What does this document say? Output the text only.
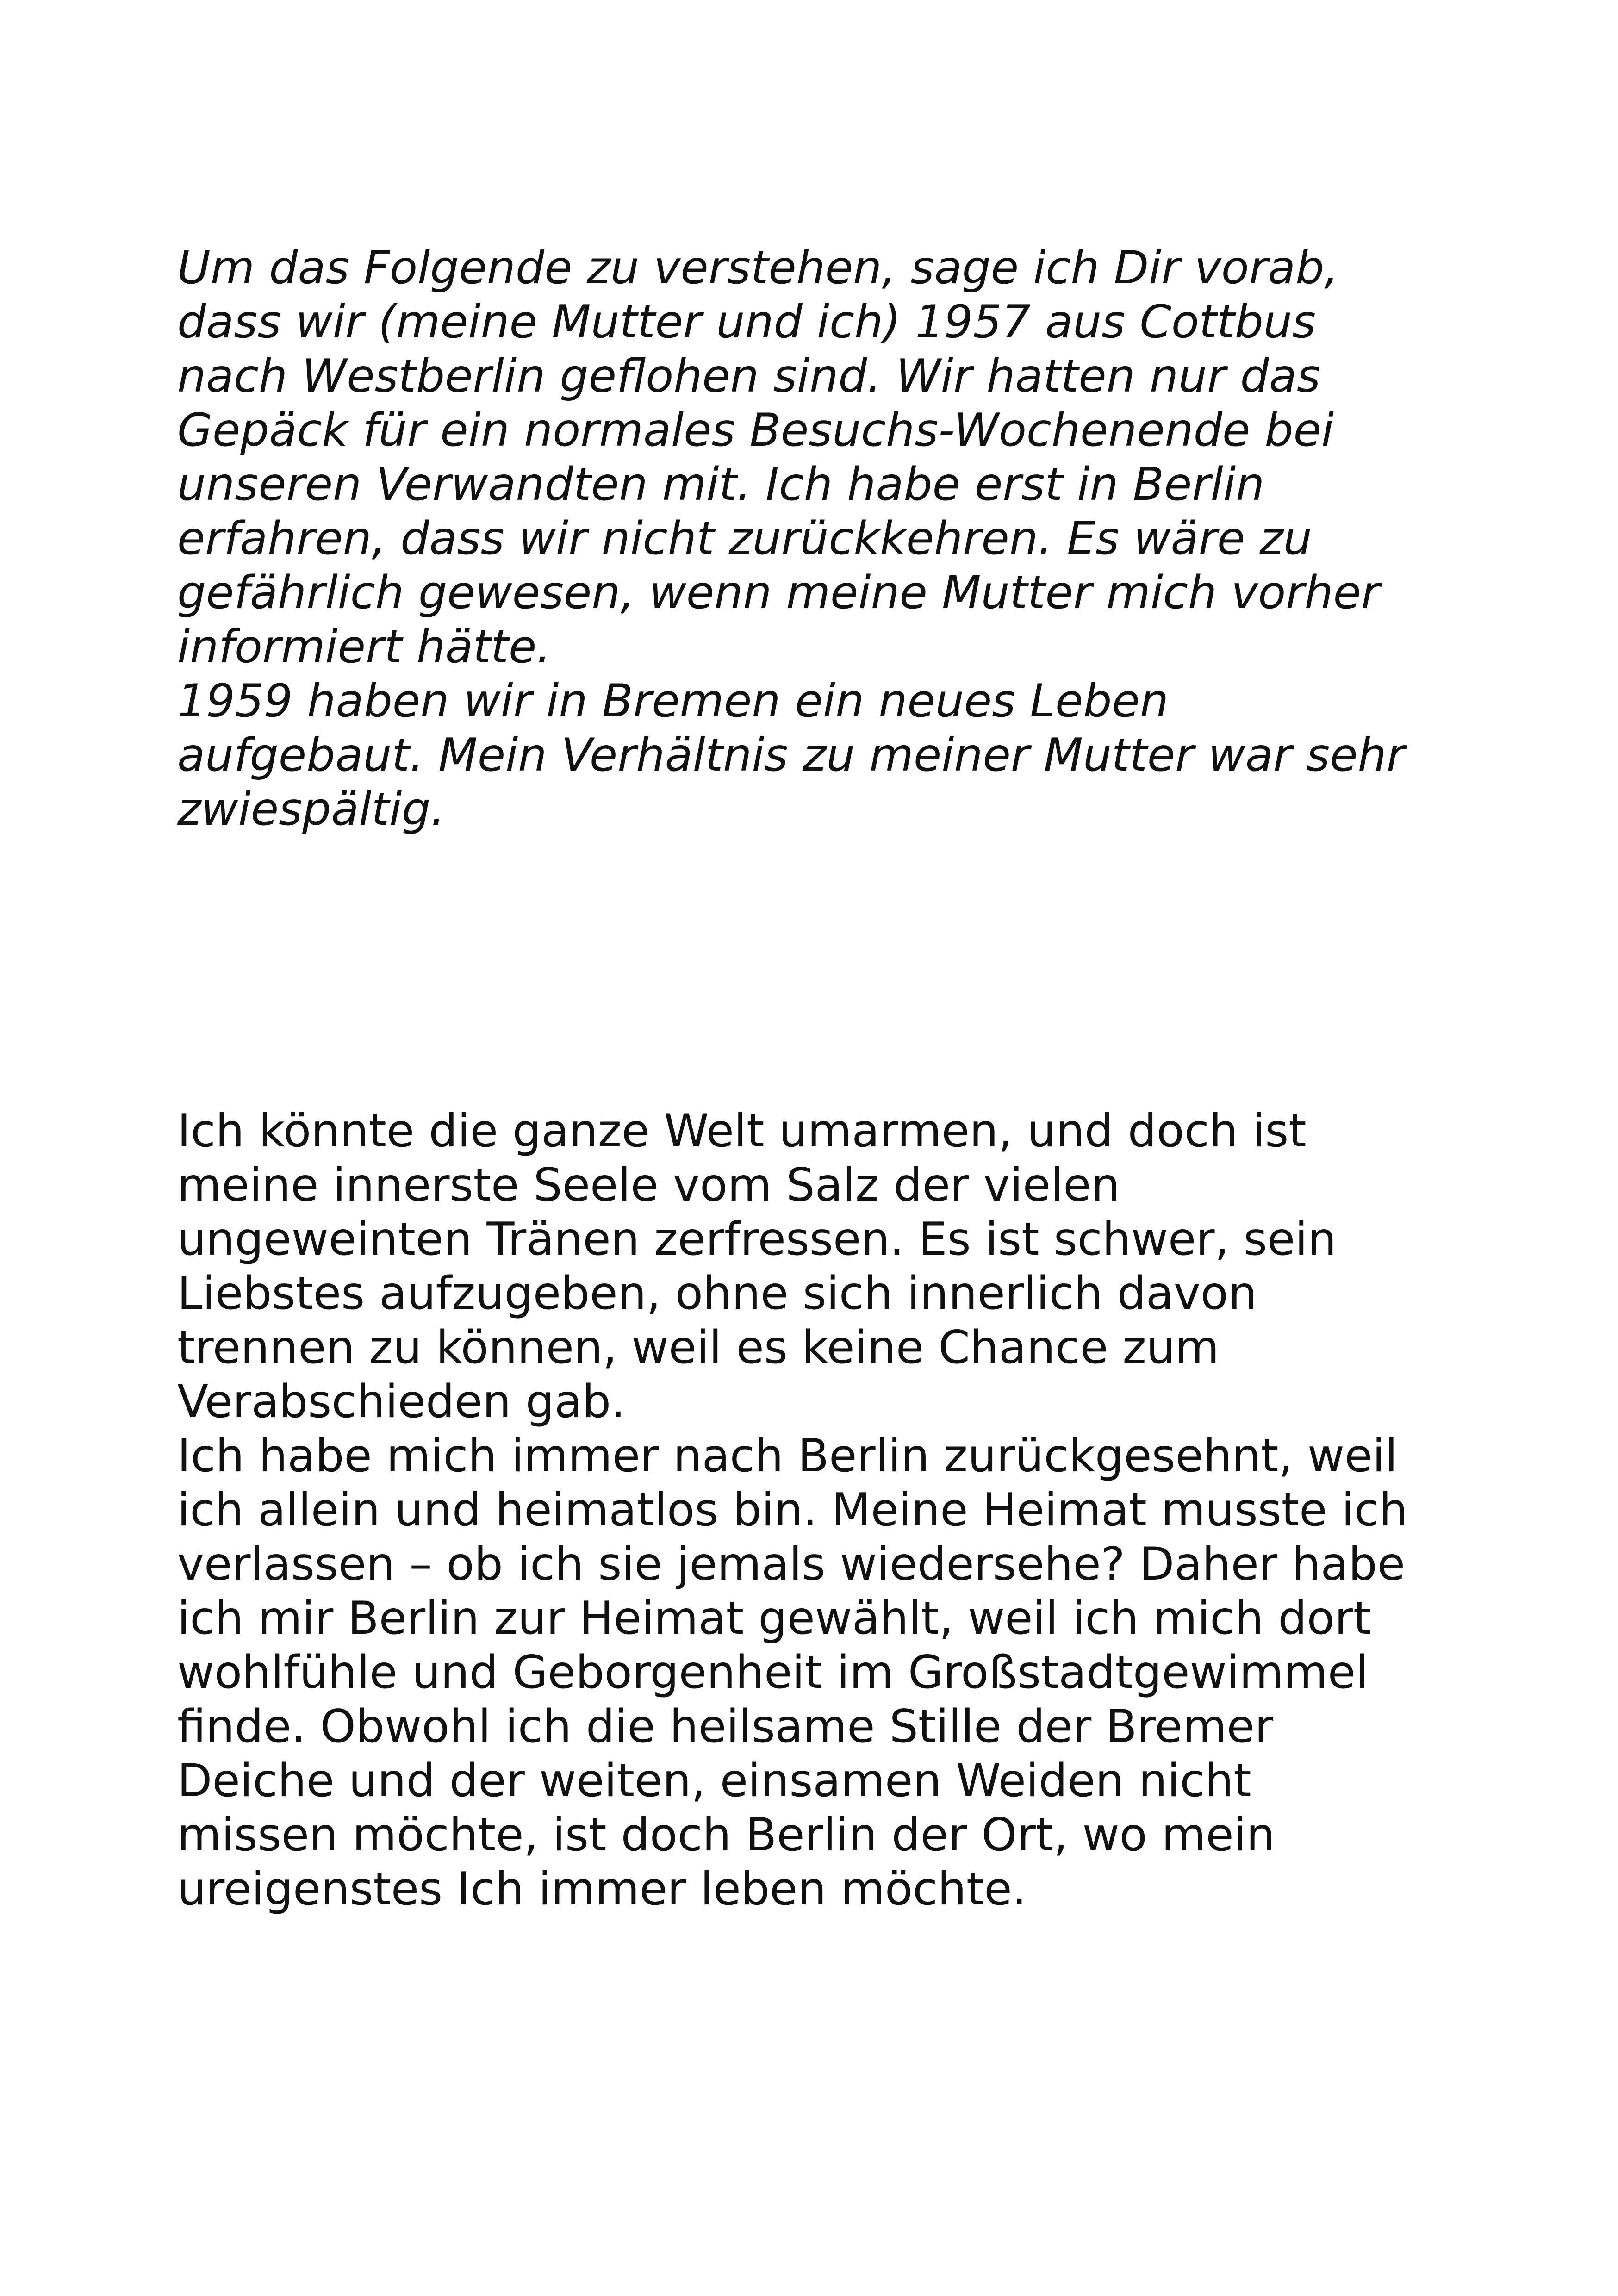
Um das Folgende zu verstehen, sage ich Dir vorab,
dass wir (meine Mutter und ich) 1957 aus Cottbus
nach Westberlin geflohen sind. Wir hatten nur das
Gepäck für ein normales Besuchs-Wochenende bei
unseren Verwandten mit. Ich habe erst in Berlin
erfahren, dass wir nicht zurückkehren. Es wäre zu
gefährlich gewesen, wenn meine Mutter mich vorher
informiert hätte.
1959 haben wir in Bremen ein neues Leben
aufgebaut. Mein Verhältnis zu meiner Mutter war sehr
zwiespältig.
Ich könnte die ganze Welt umarmen, und doch ist
meine innerste Seele vom Salz der vielen
ungeweinten Tränen zerfressen. Es ist schwer, sein
Liebstes aufzugeben, ohne sich innerlich davon
trennen zu können, weil es keine Chance zum
Verabschieden gab.
Ich habe mich immer nach Berlin zurückgesehnt, weil
ich allein und heimatlos bin. Meine Heimat musste ich
verlassen – ob ich sie jemals wiedersehe? Daher habe
ich mir Berlin zur Heimat gewählt, weil ich mich dort
wohlfühle und Geborgenheit im Großstadtgewimmel
finde. Obwohl ich die heilsame Stille der Bremer
Deiche und der weiten, einsamen Weiden nicht
missen möchte, ist doch Berlin der Ort, wo mein
ureigenstes Ich immer leben möchte.
